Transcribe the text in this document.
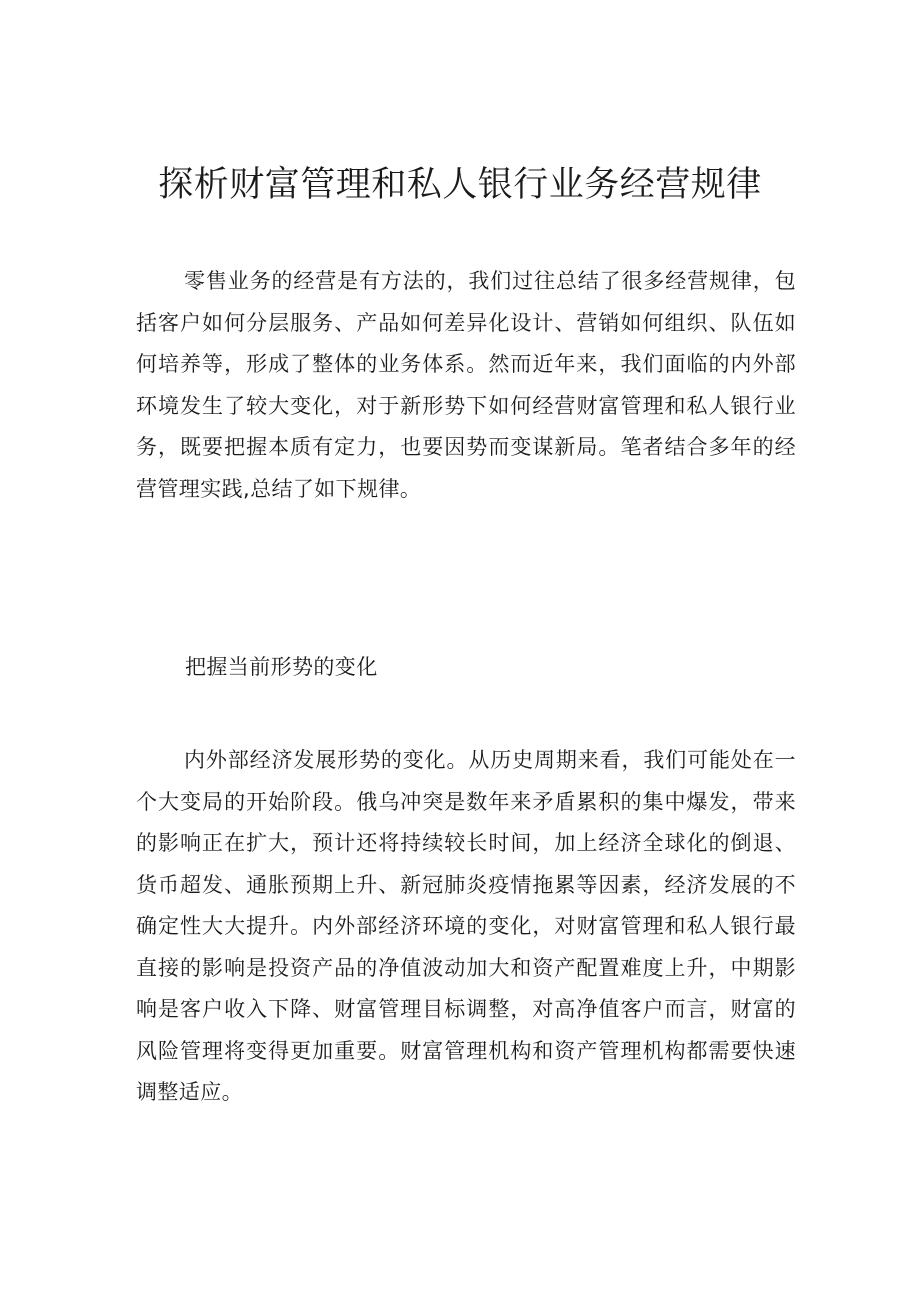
探析财富管理和私人银行业务经营规律

零售业务的经营是有方法的，我们过往总结了很多经营规律，包括客户如何分层服务、产品如何差异化设计、营销如何组织、队伍如何培养等，形成了整体的业务体系。然而近年来，我们面临的内外部环境发生了较大变化，对于新形势下如何经营财富管理和私人银行业务，既要把握本质有定力，也要因势而变谋新局。笔者结合多年的经营管理实践,总结了如下规律。

把握当前形势的变化

内外部经济发展形势的变化。从历史周期来看，我们可能处在一个大变局的开始阶段。俄乌冲突是数年来矛盾累积的集中爆发，带来的影响正在扩大，预计还将持续较长时间，加上经济全球化的倒退、货币超发、通胀预期上升、新冠肺炎疫情拖累等因素，经济发展的不确定性大大提升。内外部经济环境的变化，对财富管理和私人银行最直接的影响是投资产品的净值波动加大和资产配置难度上升，中期影响是客户收入下降、财富管理目标调整，对高净值客户而言，财富的风险管理将变得更加重要。财富管理机构和资产管理机构都需要快速调整适应。
